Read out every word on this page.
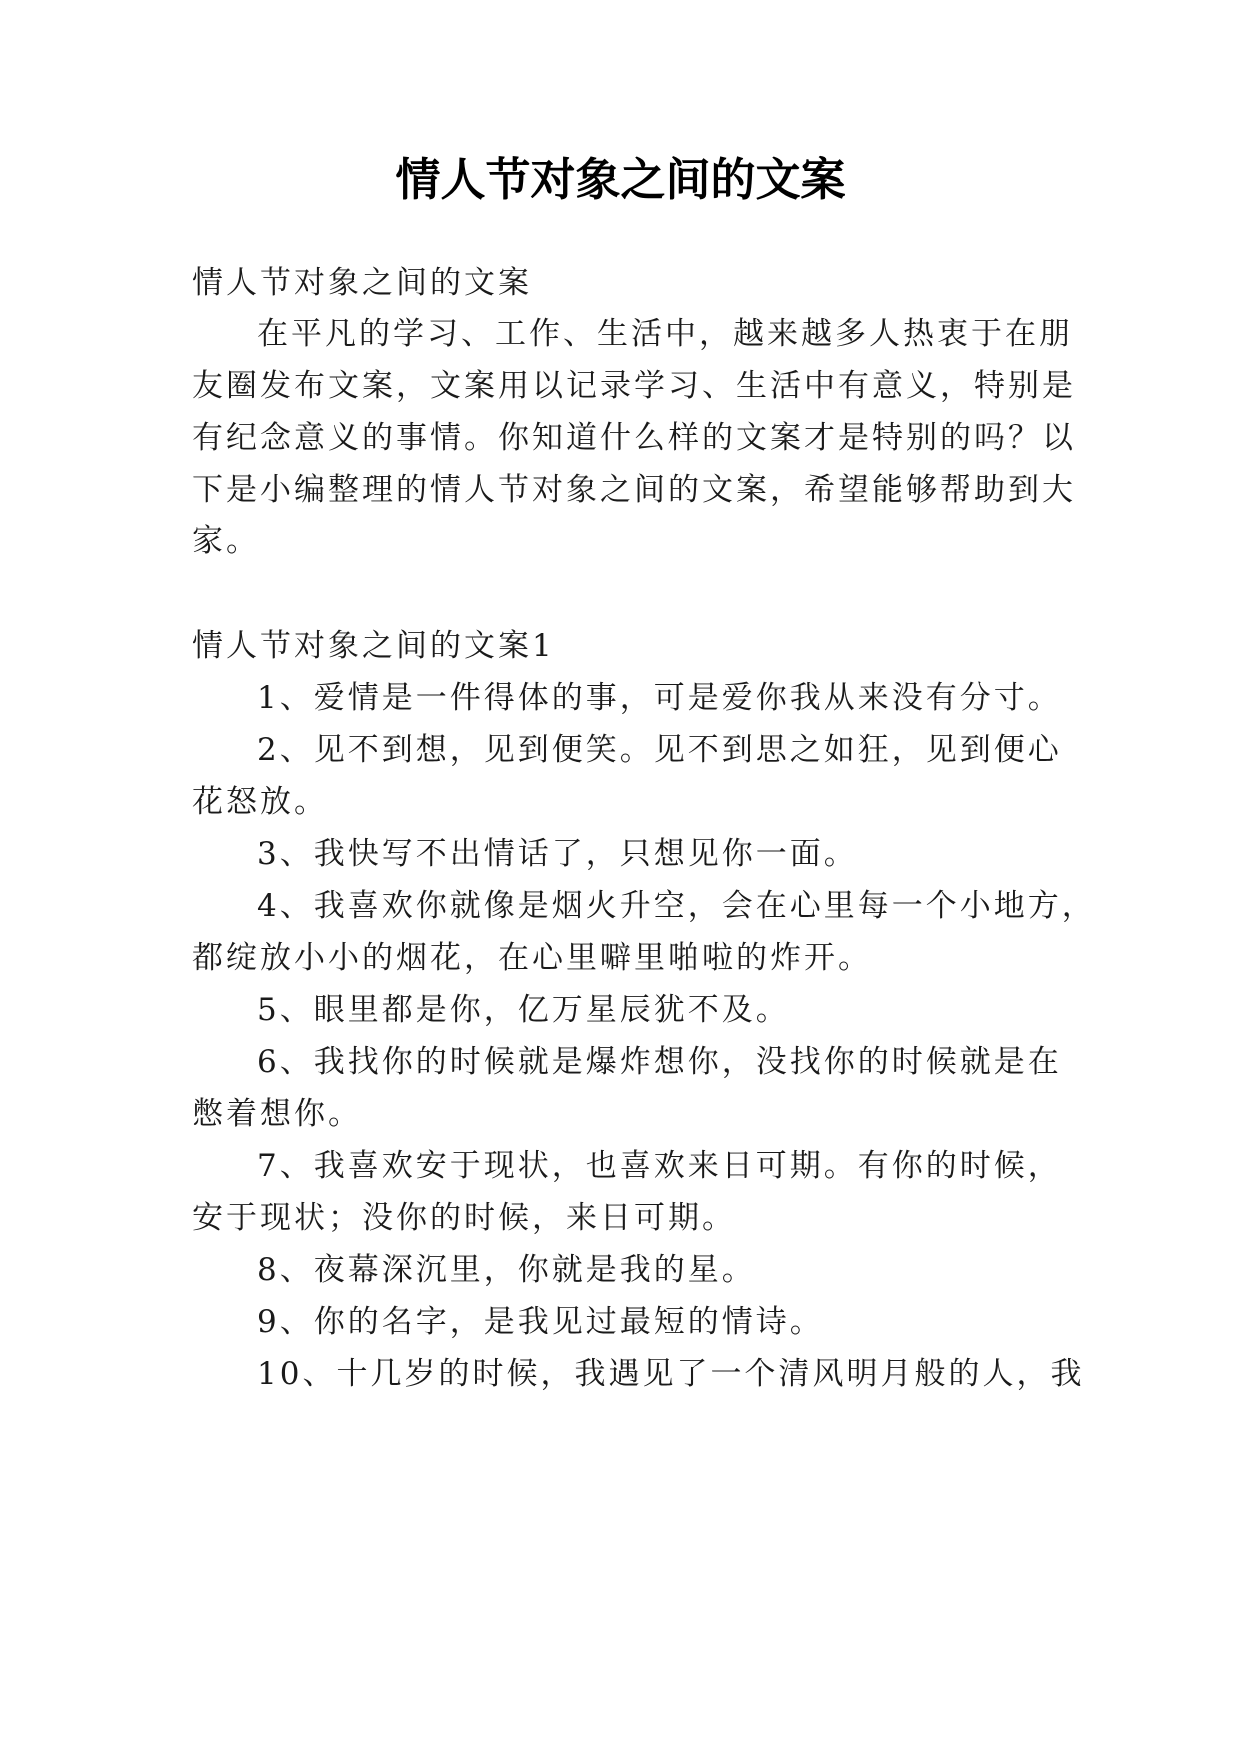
情人节对象之间的文案
情人节对象之间的文案
在平凡的学习、工作、生活中，越来越多人热衷于在朋
友圈发布文案，文案用以记录学习、生活中有意义，特别是
有纪念意义的事情。你知道什么样的文案才是特别的吗？以
下是小编整理的情人节对象之间的文案，希望能够帮助到大
家。
情人节对象之间的文案1
1、爱情是一件得体的事，可是爱你我从来没有分寸。
2、见不到想，见到便笑。见不到思之如狂，见到便心
花怒放。
3、我快写不出情话了，只想见你一面。
4、我喜欢你就像是烟火升空，会在心里每一个小地方，
都绽放小小的烟花，在心里噼里啪啦的炸开。
5、眼里都是你，亿万星辰犹不及。
6、我找你的时候就是爆炸想你，没找你的时候就是在
憋着想你。
7、我喜欢安于现状，也喜欢来日可期。有你的时候，
安于现状；没你的时候，来日可期。
8、夜幕深沉里，你就是我的星。
9、你的名字，是我见过最短的情诗。
10、十几岁的时候，我遇见了一个清风明月般的人，我
